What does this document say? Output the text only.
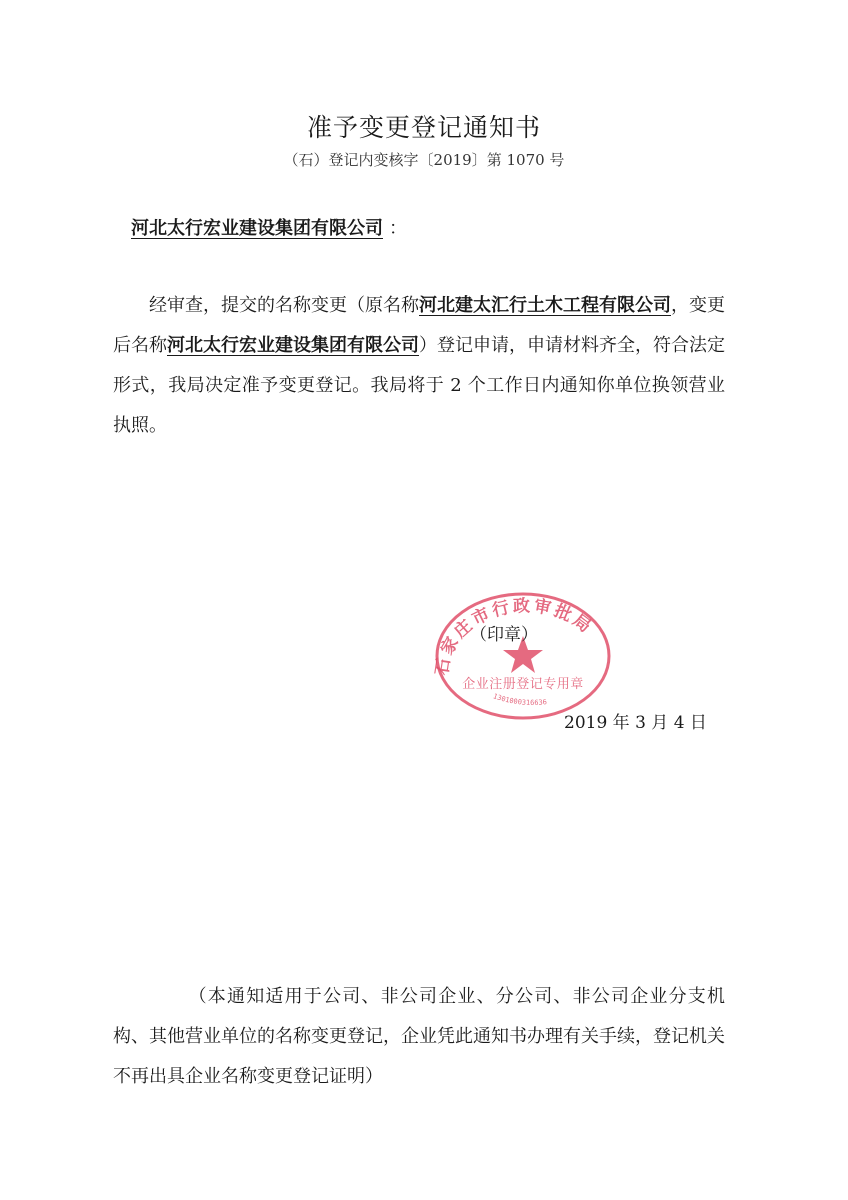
准予变更登记通知书
（石）登记内变核字〔2019〕第 1070 号
河北太行宏业建设集团有限公司 ：
经审查，提交的名称变更（原名称河北建太汇行土木工程有限公司，变更后名称河北太行宏业建设集团有限公司）登记申请，申请材料齐全，符合法定形式，我局决定准予变更登记。我局将于 2 个工作日内通知你单位换领营业执照。
石家庄市行政审批局
企业注册登记专用章
1301000316636
（印章）
2019 年 3 月 4 日
（本通知适用于公司、非公司企业、分公司、非公司企业分支机构、其他营业单位的名称变更登记，企业凭此通知书办理有关手续，登记机关不再出具企业名称变更登记证明）
